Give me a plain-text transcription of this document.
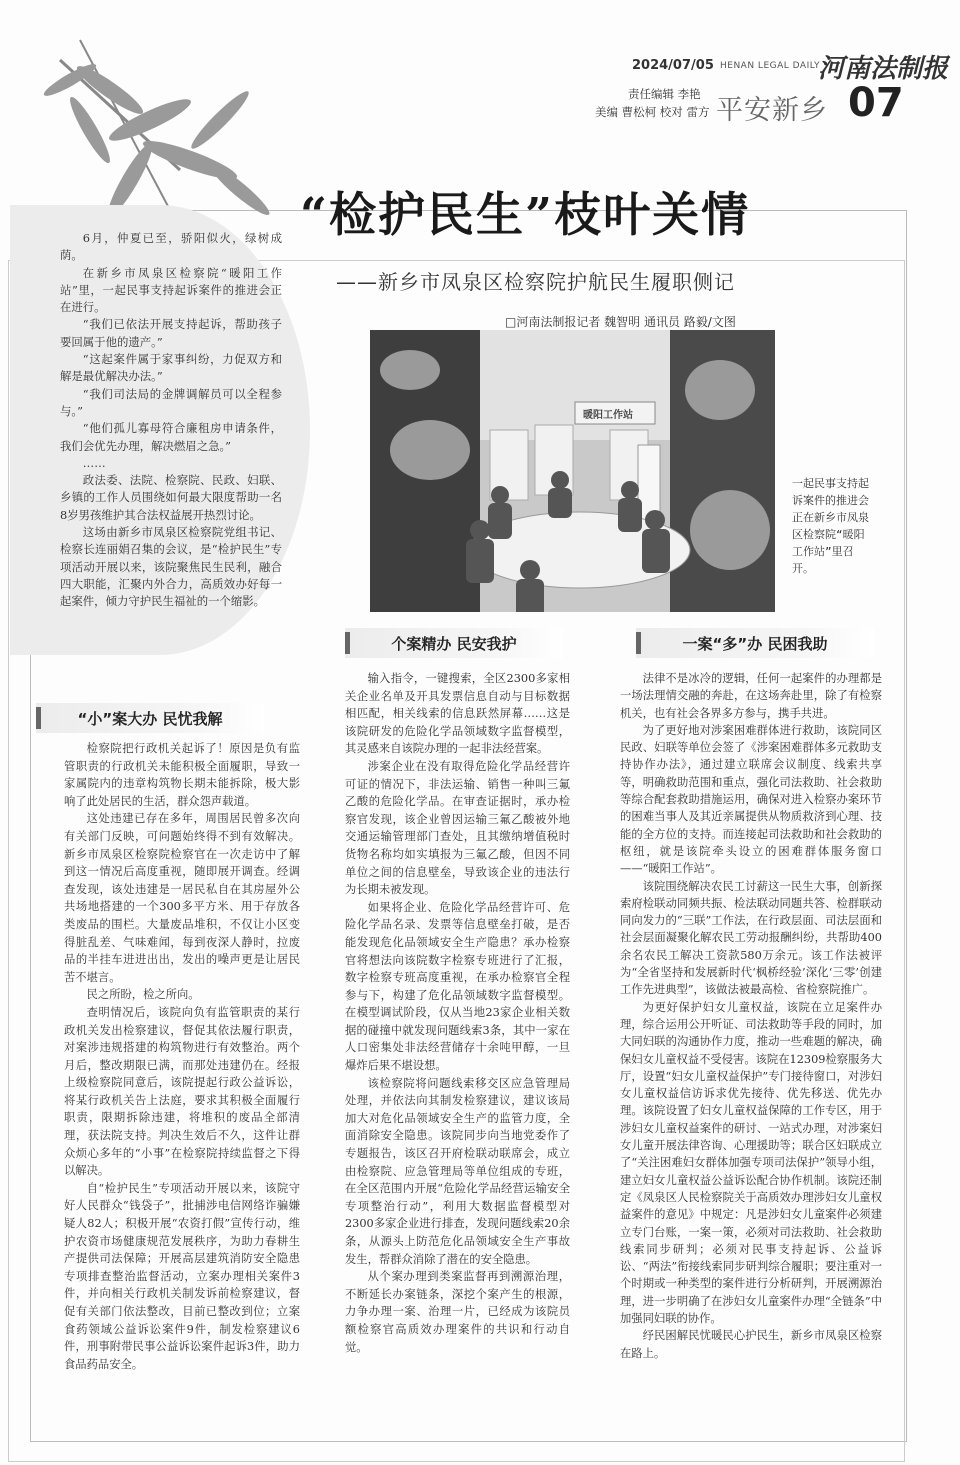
2024/07/05 HENAN LEGAL DAILY
河南法制报
责任编辑 李艳
美编 曹松柯 校对 雷方 平安新乡 07
“检护民生”枝叶关情
——新乡市凤泉区检察院护航民生履职侧记
□河南法制报记者 魏智明 通讯员 路毅/文图

6月，仲夏已至，骄阳似火，绿树成荫。

在新乡市凤泉区检察院“暖阳工作站”里，一起民事支持起诉案件的推进会正在进行。

“我们已依法开展支持起诉，帮助孩子要回属于他的遗产。”

“这起案件属于家事纠纷，力促双方和解是最优解决办法。”

“我们司法局的金牌调解员可以全程参与。”

“他们孤儿寡母符合廉租房申请条件，我们会优先办理，解决燃眉之急。”

……

政法委、法院、检察院、民政、妇联、乡镇的工作人员围绕如何最大限度帮助一名8岁男孩维护其合法权益展开热烈讨论。

这场由新乡市凤泉区检察院党组书记、检察长连丽娟召集的会议，是“检护民生”专项活动开展以来，该院聚焦民生民利，融合四大职能，汇聚内外合力，高质效办好每一起案件，倾力守护民生福祉的一个缩影。

暖阳工作站
一起民事支持起诉案件的推进会正在新乡市凤泉区检察院“暖阳工作站”里召开。
个案精办 民安我护	一案“多”办 民困我助
“小”案大办 民忧我解

检察院把行政机关起诉了！原因是负有监管职责的行政机关未能积极全面履职，导致一家属院内的违章构筑物长期未能拆除，极大影响了此处居民的生活，群众怨声载道。

这处违建已存在多年，周围居民曾多次向有关部门反映，可问题始终得不到有效解决。新乡市凤泉区检察院检察官在一次走访中了解到这一情况后高度重视，随即展开调查。经调查发现，该处违建是一居民私自在其房屋外公共场地搭建的一个300多平方米、用于存放各类废品的围栏。大量废品堆积，不仅让小区变得脏乱差、气味难闻，每到夜深人静时，拉废品的半挂车进进出出，发出的噪声更是让居民苦不堪言。

民之所盼，检之所向。

查明情况后，该院向负有监管职责的某行政机关发出检察建议，督促其依法履行职责，对案涉违规搭建的构筑物进行有效整治。两个月后，整改期限已满，而那处违建仍在。经报上级检察院同意后，该院提起行政公益诉讼，将某行政机关告上法庭，要求其积极全面履行职责，限期拆除违建，将堆积的废品全部清理，获法院支持。判决生效后不久，这件让群众烦心多年的“小事”在检察院持续监督之下得以解决。

自“检护民生”专项活动开展以来，该院守好人民群众“钱袋子”，批捕涉电信网络诈骗嫌疑人82人；积极开展“农资打假”宣传行动，维护农资市场健康规范发展秩序，为助力春耕生产提供司法保障；开展高层建筑消防安全隐患专项排查整治监督活动，立案办理相关案件3件，并向相关行政机关制发诉前检察建议，督促有关部门依法整改，目前已整改到位；立案食药领域公益诉讼案件9件，制发检察建议6件，刑事附带民事公益诉讼案件起诉3件，助力食品药品安全。

输入指令，一键搜索，全区2300多家相关企业名单及开具发票信息自动与目标数据相匹配，相关线索的信息跃然屏幕……这是该院研发的危险化学品领域数字监督模型，其灵感来自该院办理的一起非法经营案。

涉案企业在没有取得危险化学品经营许可证的情况下，非法运输、销售一种叫三氟乙酸的危险化学品。在审查证据时，承办检察官发现，该企业曾因运输三氟乙酸被外地交通运输管理部门查处，且其缴纳增值税时货物名称均如实填报为三氟乙酸，但因不同单位之间的信息壁垒，导致该企业的违法行为长期未被发现。

如果将企业、危险化学品经营许可、危险化学品名录、发票等信息壁垒打破，是否能发现危化品领域安全生产隐患？承办检察官将想法向该院数字检察专班进行了汇报，数字检察专班高度重视，在承办检察官全程参与下，构建了危化品领域数字监督模型。在模型调试阶段，仅从当地23家企业相关数据的碰撞中就发现问题线索3条，其中一家在人口密集处非法经营储存十余吨甲醇，一旦爆炸后果不堪设想。

该检察院将问题线索移交区应急管理局处理，并依法向其制发检察建议，建议该局加大对危化品领域安全生产的监管力度，全面消除安全隐患。该院同步向当地党委作了专题报告，该区召开府检联动联席会，成立由检察院、应急管理局等单位组成的专班，在全区范围内开展“危险化学品经营运输安全专项整治行动”，利用大数据监督模型对2300多家企业进行排查，发现问题线索20余条，从源头上防范危化品领域安全生产事故发生，帮群众消除了潜在的安全隐患。

从个案办理到类案监督再到溯源治理，不断延长办案链条，深挖个案产生的根源，力争办理一案、治理一片，已经成为该院员额检察官高质效办理案件的共识和行动自觉。

法律不是冰冷的逻辑，任何一起案件的办理都是一场法理情交融的奔赴，在这场奔赴里，除了有检察机关，也有社会各界多方参与，携手共进。

为了更好地对涉案困难群体进行救助，该院同区民政、妇联等单位会签了《涉案困难群体多元救助支持协作办法》，通过建立联席会议制度、线索共享等，明确救助范围和重点，强化司法救助、社会救助等综合配套救助措施运用，确保对进入检察办案环节的困难当事人及其近亲属提供从物质救济到心理、技能的全方位的支持。而连接起司法救助和社会救助的枢纽，就是该院牵头设立的困难群体服务窗口——“暖阳工作站”。

该院围绕解决农民工讨薪这一民生大事，创新探索府检联动同频共振、检法联动同题共答、检群联动同向发力的“三联”工作法，在行政层面、司法层面和社会层面凝聚化解农民工劳动报酬纠纷，共帮助400余名农民工解决工资款580万余元。该工作法被评为“全省坚持和发展新时代‘枫桥经验’深化‘三零’创建工作先进典型”，该做法被最高检、省检察院推广。

为更好保护妇女儿童权益，该院在立足案件办理，综合运用公开听证、司法救助等手段的同时，加大同妇联的沟通协作力度，推动一些难题的解决，确保妇女儿童权益不受侵害。该院在12309检察服务大厅，设置“妇女儿童权益保护”专门接待窗口，对涉妇女儿童权益信访诉求优先接待、优先移送、优先办理。该院设置了妇女儿童权益保障的工作专区，用于涉妇女儿童权益案件的研讨、一站式办理，对涉案妇女儿童开展法律咨询、心理援助等；联合区妇联成立了“关注困难妇女群体加强专项司法保护”领导小组，建立妇女儿童权益公益诉讼配合协作机制。该院还制定《凤泉区人民检察院关于高质效办理涉妇女儿童权益案件的意见》中规定：凡是涉妇女儿童案件必须建立专门台账，一案一策，必须对司法救助、社会救助线索同步研判；必须对民事支持起诉、公益诉讼、“两法”衔接线索同步研判综合履职；要注重对一个时期或一种类型的案件进行分析研判，开展溯源治理，进一步明确了在涉妇女儿童案件办理“全链条”中加强同妇联的协作。

纾民困解民忧暖民心护民生，新乡市凤泉区检察在路上。
